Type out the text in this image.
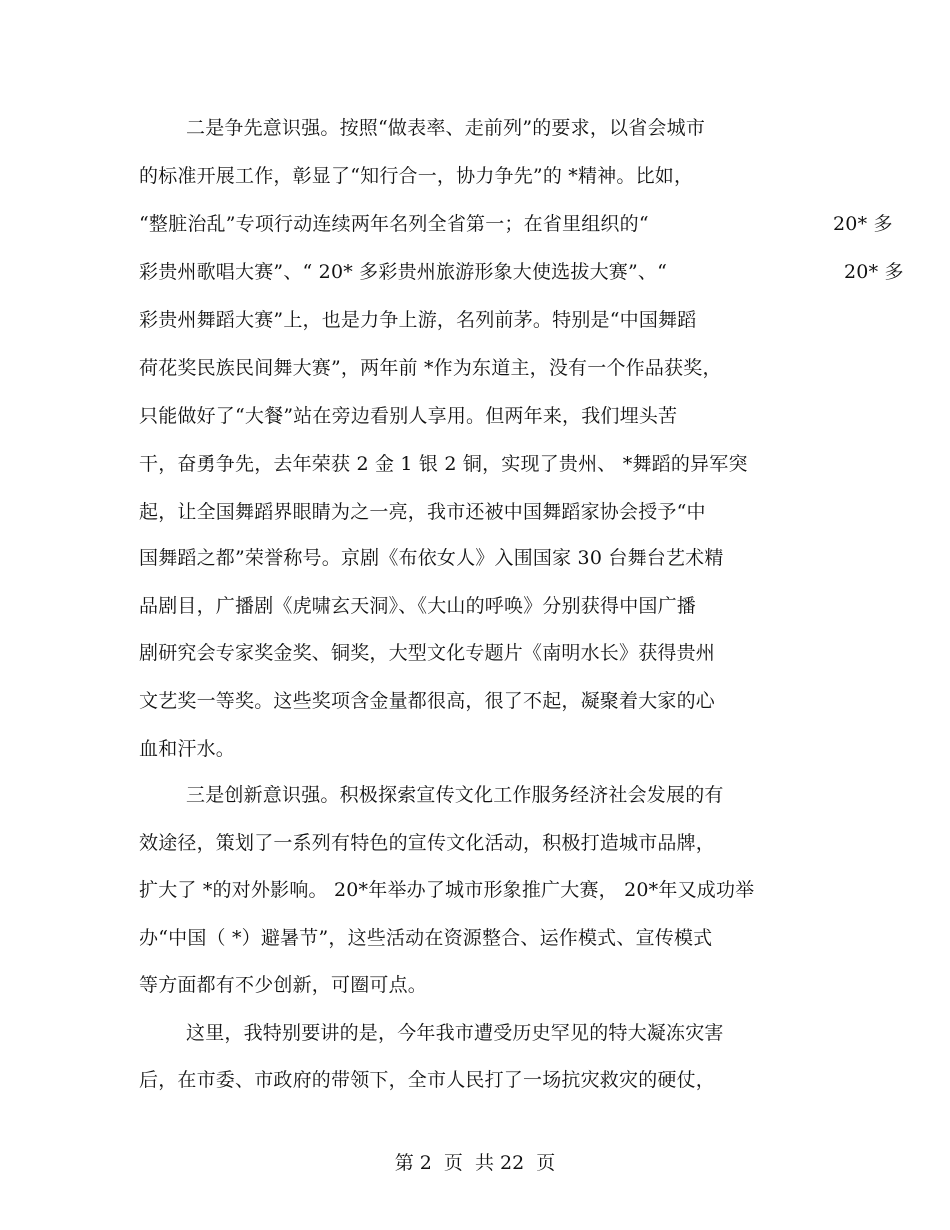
二是争先意识强。按照“做表率、走前列”的要求，以省会城市
的标准开展工作，彰显了“知行合一，协力争先”的 *精神。比如，
“整脏治乱”专项行动连续两年名列全省第一；在省里组织的“	20* 多
彩贵州歌唱大赛”、“ 20* 多彩贵州旅游形象大使选拔大赛”、“	20* 多
彩贵州舞蹈大赛”上，也是力争上游，名列前茅。特别是“中国舞蹈
荷花奖民族民间舞大赛”，两年前 *作为东道主，没有一个作品获奖，
只能做好了“大餐”站在旁边看别人享用。但两年来，我们埋头苦
干，奋勇争先，去年荣获 2 金 1 银 2 铜，实现了贵州、 *舞蹈的异军突
起，让全国舞蹈界眼睛为之一亮，我市还被中国舞蹈家协会授予“中
国舞蹈之都”荣誉称号。京剧《布依女人》入围国家 30 台舞台艺术精
品剧目，广播剧《虎啸玄天洞》、《大山的呼唤》分别获得中国广播
剧研究会专家奖金奖、铜奖，大型文化专题片《南明水长》获得贵州
文艺奖一等奖。这些奖项含金量都很高，很了不起，凝聚着大家的心
血和汗水。
三是创新意识强。积极探索宣传文化工作服务经济社会发展的有
效途径，策划了一系列有特色的宣传文化活动，积极打造城市品牌，
扩大了 *的对外影响。 20*年举办了城市形象推广大赛， 20*年又成功举
办“中国（ *）避暑节”，这些活动在资源整合、运作模式、宣传模式
等方面都有不少创新，可圈可点。
这里，我特别要讲的是，今年我市遭受历史罕见的特大凝冻灾害
后，在市委、市政府的带领下，全市人民打了一场抗灾救灾的硬仗，
第 2  页  共 22  页
